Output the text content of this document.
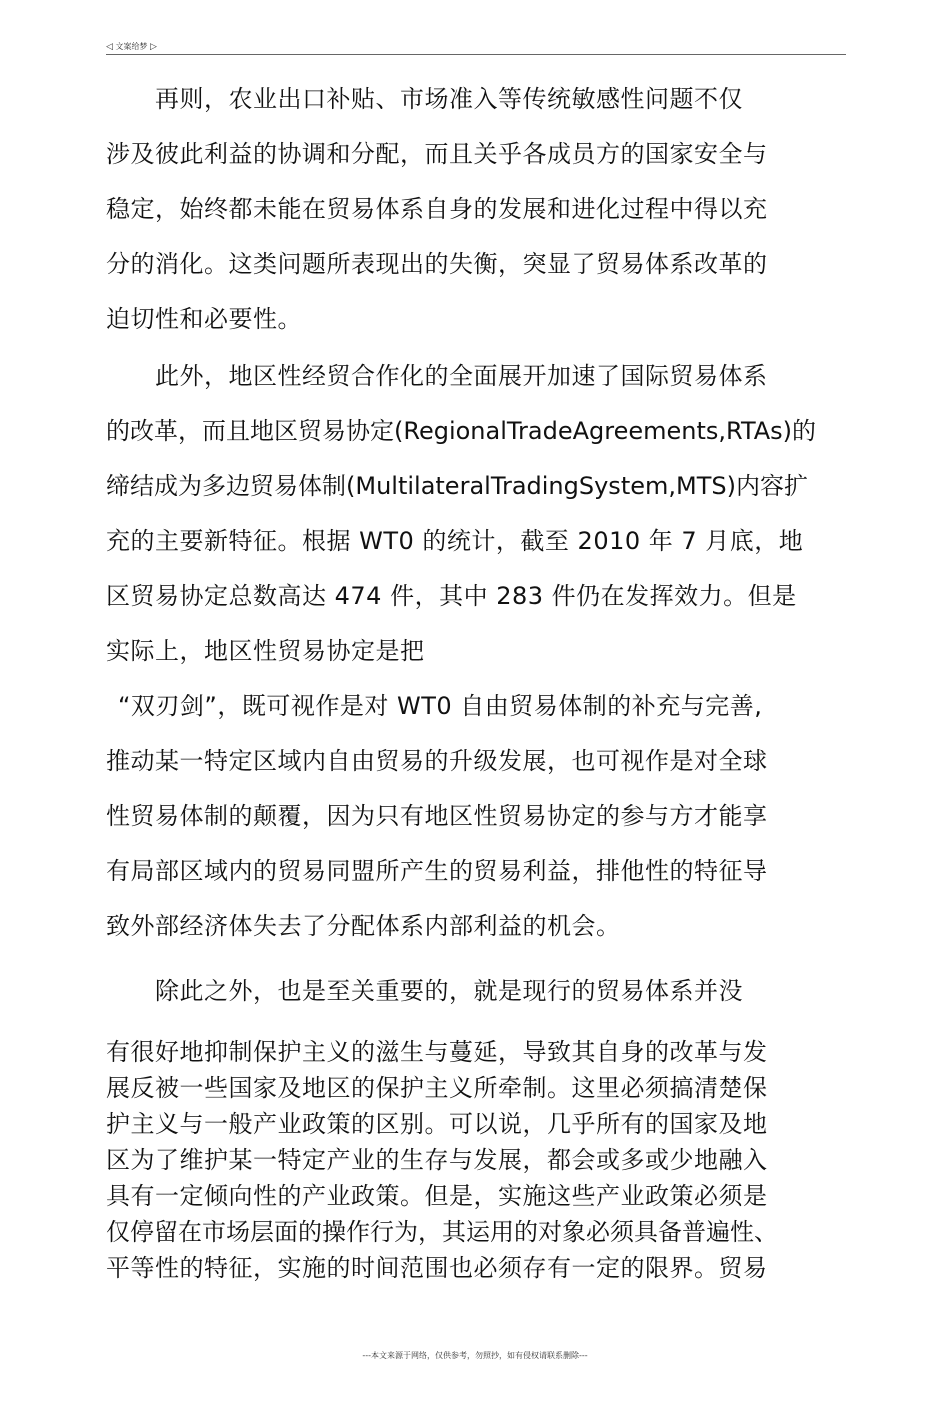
◁ 文案给梦 ▷
　　再则，农业出口补贴、市场准入等传统敏感性问题不仅
涉及彼此利益的协调和分配，而且关乎各成员方的国家安全与
稳定，始终都未能在贸易体系自身的发展和进化过程中得以充
分的消化。这类问题所表现出的失衡，突显了贸易体系改革的
迫切性和必要性。
　　此外，地区性经贸合作化的全面展开加速了国际贸易体系
的改革，而且地区贸易协定(RegionalTradeAgreements,RTAs)的
缔结成为多边贸易体制(MultilateralTradingSystem,MTS)内容扩
充的主要新特征。根据 WT0 的统计，截至 2010 年 7 月底，地
区贸易协定总数高达 474 件，其中 283 件仍在发挥效力。但是
实际上，地区性贸易协定是把
“双刃剑”，既可视作是对 WT0 自由贸易体制的补充与完善,
推动某一特定区域内自由贸易的升级发展，也可视作是对全球
性贸易体制的颠覆，因为只有地区性贸易协定的参与方才能享
有局部区域内的贸易同盟所产生的贸易利益，排他性的特征导
致外部经济体失去了分配体系内部利益的机会。
　　除此之外，也是至关重要的，就是现行的贸易体系并没
有很好地抑制保护主义的滋生与蔓延，导致其自身的改革与发
展反被一些国家及地区的保护主义所牵制。这里必须搞清楚保
护主义与一般产业政策的区别。可以说，几乎所有的国家及地
区为了维护某一特定产业的生存与发展，都会或多或少地融入
具有一定倾向性的产业政策。但是，实施这些产业政策必须是
仅停留在市场层面的操作行为，其运用的对象必须具备普遍性、
平等性的特征，实施的时间范围也必须存有一定的限界。贸易
---本文来源于网络，仅供参考，勿照抄，如有侵权请联系删除---
